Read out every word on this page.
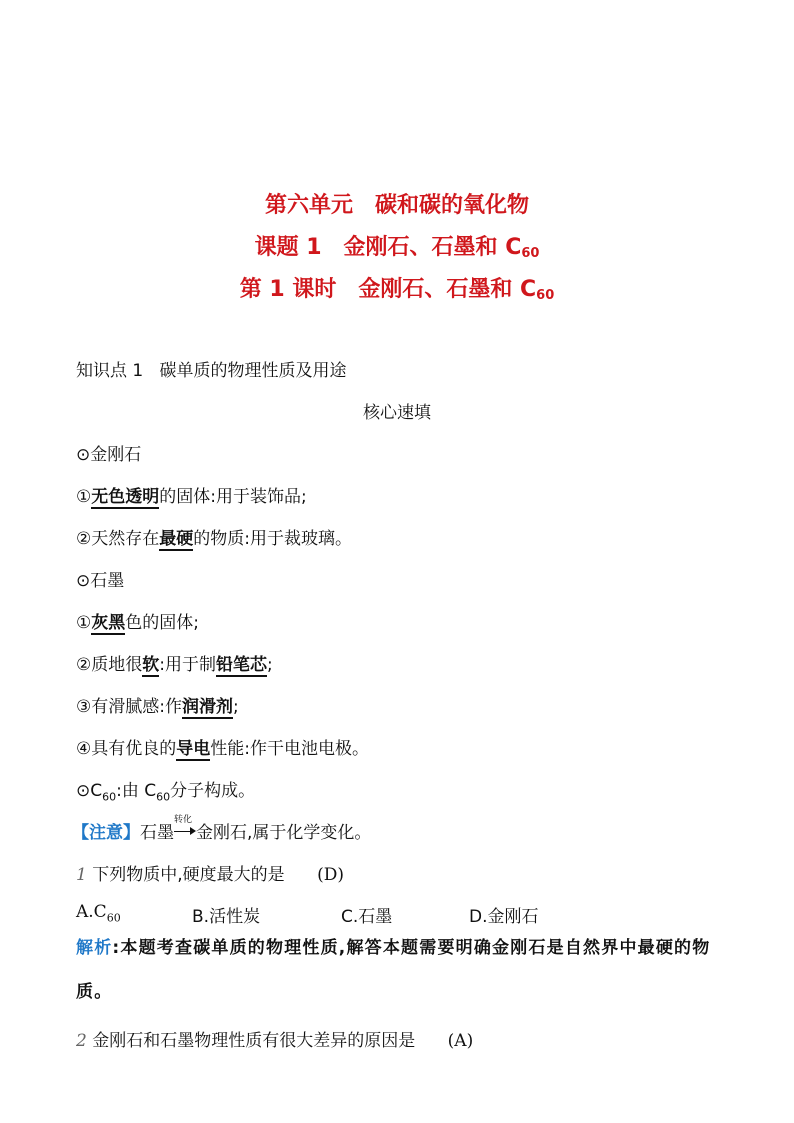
第六单元 碳和碳的氧化物
课题 1 金刚石、石墨和 $C_{60}$
第 1 课时 金刚石、石墨和 $C_{60}$
知识点 1 碳单质的物理性质及用途
核心速填
⊙金刚石
①无色透明的固体:用于装饰品;
②天然存在最硬的物质:用于裁玻璃。
⊙石墨
①灰黑色的固体;
②质地很软:用于制铅笔芯;
③有滑腻感:作润滑剂;
④具有优良的导电性能:作干电池电极。
$⊙C_{60}$:由 $C_{60}$分子构成。
【注意】石墨
转化
金刚石,属于化学变化。
1 下列物质中,硬度最大的是 (D)
$A.C_{60}$	B.活性炭	C.石墨	D.金刚石
解析:本题考查碳单质的物理性质,解答本题需要明确金刚石是自然界中最硬的物质。
2 金刚石和石墨物理性质有很大差异的原因是 (A)
